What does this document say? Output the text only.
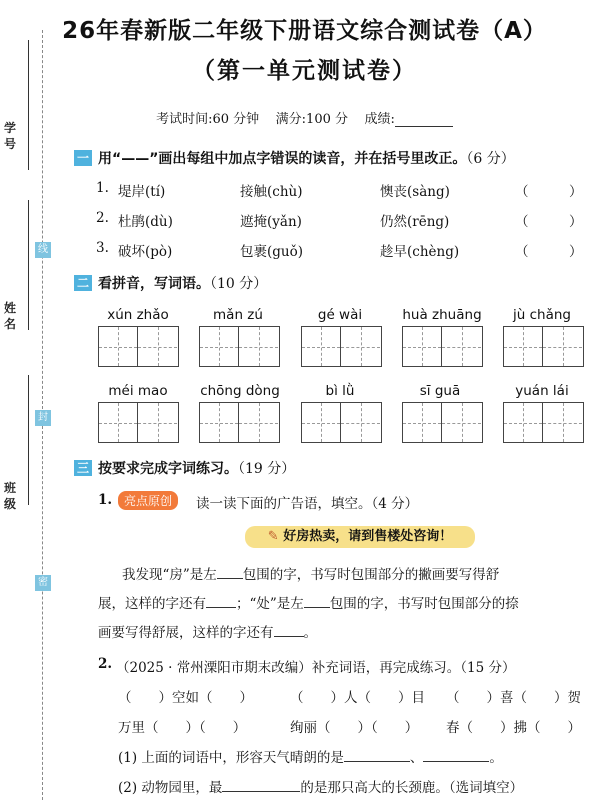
学号
姓名
班级
线
封
密
26年春新版二年级下册语文综合测试卷（A）
（第一单元测试卷）
考试时间:60 分钟 满分:100 分 成绩:
一 用“——”画出每组中加点字错误的读音，并在括号里改正。（6 分）
1. 堤岸(tí)	接触(chù)	懊丧(sàng)	（　　　）
2. 杜鹃(dù)	遮掩(yǎn)	仍然(rēng)	（　　　）
3. 破坏(pò)	包裹(guǒ)	趁早(chèng)	（　　　）
二 看拼音，写词语。（10 分）
xún zhǎo	mǎn zú	gé wài	huà zhuāng	jù chǎng
méi mao	chōng dòng	bì lǜ	sī guā	yuán lái
三 按要求完成字词练习。（19 分）
1. 亮点原创	读一读下面的广告语，填空。（4 分）
✎ 好房热卖，请到售楼处咨询！
我发现“房”是左 包围的字，书写时包围部分的撇画要写得舒
展，这样的字还有 ；“处”是左 包围的字，书写时包围部分的捺
画要写得舒展，这样的字还有 。
2. （2025 · 常州溧阳市期末改编）补充词语，再完成练习。（15 分）
（　　）空如（　　）	（　　）人（　　）目 （　　）喜（　　）贺
万里（　　）（　　）	绚丽（　　）（　　） 春（　　）拂（　　）
(1) 上面的词语中，形容天气晴朗的是	、	。
(2) 动物园里，最	的是那只高大的长颈鹿。（选词填空）
